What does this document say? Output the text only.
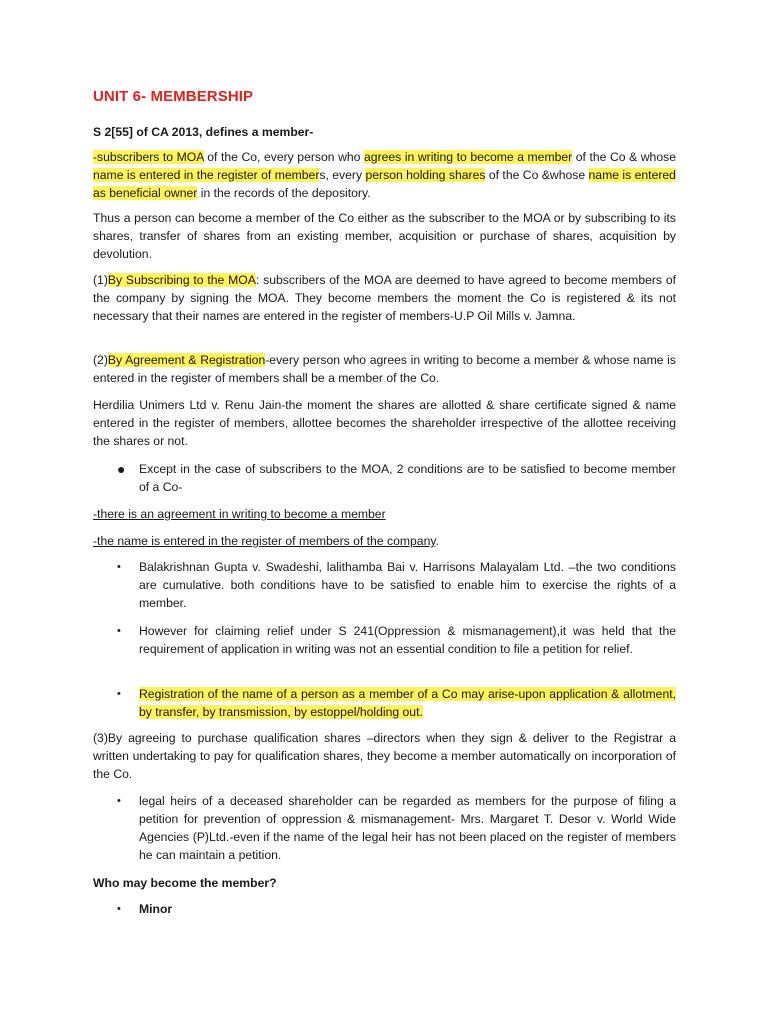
UNIT 6- MEMBERSHIP

S 2[55] of CA 2013, defines a member-

-subscribers to MOA of the Co, every person who agrees in writing to become a member of the Co & whose name is entered in the register of members, every person holding shares of the Co &whose name is entered as beneficial owner in the records of the depository.

Thus a person can become a member of the Co either as the subscriber to the MOA or by subscribing to its shares, transfer of shares from an existing member, acquisition or purchase of shares, acquisition by devolution.

(1)By Subscribing to the MOA: subscribers of the MOA are deemed to have agreed to become members of the company by signing the MOA. They become members the moment the Co is registered & its not necessary that their names are entered in the register of members-U.P Oil Mills v. Jamna.

(2)By Agreement & Registration-every person who agrees in writing to become a member & whose name is entered in the register of members shall be a member of the Co.

Herdilia Unimers Ltd v. Renu Jain-the moment the shares are allotted & share certificate signed & name entered in the register of members, allottee becomes the shareholder irrespective of the allottee receiving the shares or not.

●	Except in the case of subscribers to the MOA, 2 conditions are to be satisfied to become member of a Co-

-there is an agreement in writing to become a member

-the name is entered in the register of members of the company.

•	Balakrishnan Gupta v. Swadeshi, lalithamba Bai v. Harrisons Malayalam Ltd. –the two conditions are cumulative. both conditions have to be satisfied to enable him to exercise the rights of a member.
•	However for claiming relief under S 241(Oppression & mismanagement),it was held that the requirement of application in writing was not an essential condition to file a petition for relief.
•	Registration of the name of a person as a member of a Co may arise-upon application & allotment, by transfer, by transmission, by estoppel/holding out.

(3)By agreeing to purchase qualification shares –directors when they sign & deliver to the Registrar a written undertaking to pay for qualification shares, they become a member automatically on incorporation of the Co.

•	legal heirs of a deceased shareholder can be regarded as members for the purpose of filing a petition for prevention of oppression & mismanagement- Mrs. Margaret T. Desor v. World Wide Agencies (P)Ltd.-even if the name of the legal heir has not been placed on the register of members he can maintain a petition.

Who may become the member?

•	Minor
